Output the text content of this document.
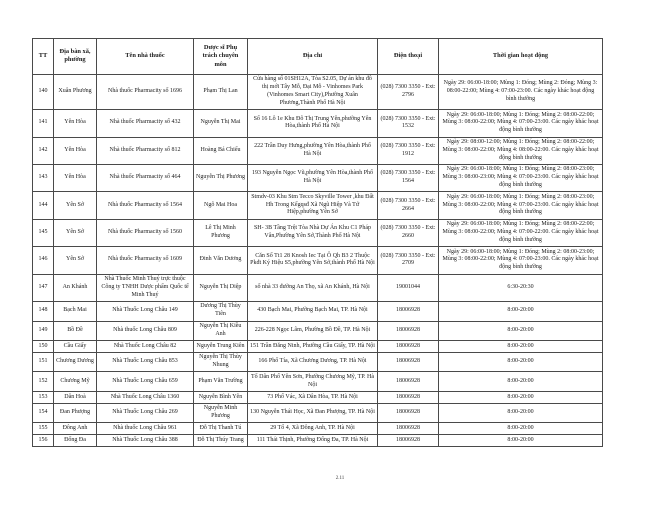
TT	Địa bàn xã, phường	Tên nhà thuốc	Dược sĩ Phụ trách chuyên môn	Địa chỉ	Điện thoại	Thời gian hoạt động
140	Xuân Phương	Nhà thuốc Pharmacity số 1696	Phạm Thị Lan	Cửa hàng số 01SH12A, Tòa S2.05, Dự án khu đô thị mới Tây Mỗ, Đại Mỗ - Vinhomes Park (Vinhomes Smart City),Phường Xuân Phương,Thành Phố Hà Nội	(028) 7300 3350 - Ext: 2796	Ngày 29: 06:00-18:00; Mùng 1: Đóng; Mùng 2: Đóng; Mùng 3: 08:00-22:00; Mùng 4: 07:00-23:00. Các ngày khác hoạt động bình thường
141	Yên Hòa	Nhà thuốc Pharmacity số 432	Nguyễn Thị Mai	Số 16 Lô 1e Khu Đô Thị Trung Yên,phường Yên Hòa,thành Phố Hà Nội	(028) 7300 3350 - Ext: 1532	Ngày 29: 06:00-18:00; Mùng 1: Đóng; Mùng 2: 08:00-22:00; Mùng 3: 08:00-22:00; Mùng 4: 07:00-23:00. Các ngày khác hoạt động bình thường
142	Yên Hòa	Nhà thuốc Pharmacity số 812	Hoàng Bá Chiểu	222 Trần Duy Hưng,phường Yên Hòa,thành Phố Hà Nội	(028) 7300 3350 - Ext: 1912	Ngày 29: 08:00-12:00; Mùng 1: Đóng; Mùng 2: 08:00-22:00; Mùng 3: 08:00-22:00; Mùng 4: 08:00-22:00. Các ngày khác hoạt động bình thường
143	Yên Hòa	Nhà thuốc Pharmacity số 464	Nguyễn Thị Phương	193 Nguyễn Ngọc Vũ,phường Yên Hòa,thành Phố Hà Nội	(028) 7300 3350 - Ext: 1564	Ngày 29: 06:00-18:00; Mùng 1: Đóng; Mùng 2: 08:00-23:00; Mùng 3: 08:00-23:00; Mùng 4: 07:00-23:00. Các ngày khác hoạt động bình thường
144	Yên Sở	Nhà thuốc Pharmacity số 1564	Ngô Mai Hoa	Stmdv-03 Khu Stm Tecco Skyville Tower ,khu Đất Hh Trong Kếgqsđ Xã Ngũ Hiệp Và Tứ Hiệp,phường Yên Sở	(028) 7300 3350 - Ext: 2664	Ngày 29: 06:00-18:00; Mùng 1: Đóng; Mùng 2: 08:00-23:00; Mùng 3: 08:00-22:00; Mùng 4: 07:00-23:00. Các ngày khác hoạt động bình thường
145	Yên Sở	Nhà thuốc Pharmacity số 1560	Lê Thị Minh Phương	SH- 3B Tầng Trệt Tòa Nhà Dự Án Khu C1 Pháp Vân,Phường Yên Sở,Thành Phố Hà Nội	(028) 7300 3350 - Ext: 2660	Ngày 29: 06:00-18:00; Mùng 1: Đóng; Mùng 2: 08:00-22:00; Mùng 3: 08:00-22:00; Mùng 4: 07:00-22:00. Các ngày khác hoạt động bình thường
146	Yên Sở	Nhà thuốc Pharmacity số 1609	Đinh Văn Dương	Căn Số Tt1 28 Knosh Iec Tại Ô Qh B3 2 Thuộc Pkđt Ký Hiệu S5,phường Yên Sở,thành Phố Hà Nội	(028) 7300 3350 - Ext: 2709	Ngày 29: 06:00-18:00; Mùng 1: Đóng; Mùng 2: 08:00-23:00; Mùng 3: 08:00-22:00; Mùng 4: 07:00-23:00. Các ngày khác hoạt động bình thường
147	An Khánh	Nhà Thuốc Minh Thuý trực thuộc Công ty TNHH Dược phẩm Quốc tế Minh Thuý	Nguyễn Thị Diệp	số nhà 33 đường An Thọ, xã An Khánh, Hà Nội	19001044	6:30-20:30
148	Bạch Mai	Nhà Thuốc Long Châu 149	Dương Thị Thùy Tiên	430 Bạch Mai, Phường Bạch Mai, TP. Hà Nội	18006928	8:00-20:00
149	Bồ Đề	Nhà thuốc Long Châu 809	Nguyễn Thị Kiều Anh	226-228 Ngọc Lâm, Phường Bồ Đề, TP. Hà Nội	18006928	8:00-20:00
150	Cầu Giấy	Nhà Thuốc Long Châu 82	Nguyễn Trung Kiên	151 Trần Đăng Ninh, Phường Cầu Giấy, TP. Hà Nội	18006928	8:00-20:00
151	Chương Dương	Nhà Thuốc Long Châu 853	Nguyễn Thị Thùy Nhung	166 Phố Tía, Xã Chương Dương, TP. Hà Nội	18006928	8:00-20:00
152	Chương Mỹ	Nhà Thuốc Long Châu 659	Phạm Văn Trường	Tổ Dân Phố Yên Sơn, Phường Chương Mỹ, TP. Hà Nội	18006928	8:00-20:00
153	Dân Hoà	Nhà Thuốc Long Châu 1360	Nguyễn Bình Yên	73 Phố Vác, Xã Dân Hòa, TP. Hà Nội	18006928	8:00-20:00
154	Đan Phượng	Nhà Thuốc Long Châu 269	Nguyễn Minh Phương	130 Nguyễn Thái Học, Xã Đan Phượng, TP. Hà Nội	18006928	8:00-20:00
155	Đông Anh	Nhà thuốc Long Châu 961	Đỗ Thị Thanh Tú	29 Tổ 4, Xã Đông Anh, TP. Hà Nội	18006928	8:00-20:00
156	Đống Đa	Nhà Thuốc Long Châu 388	Đỗ Thị Thúy Trang	111 Thái Thịnh, Phường Đống Đa, TP. Hà Nội	18006928	8:00-20:00
2.11
